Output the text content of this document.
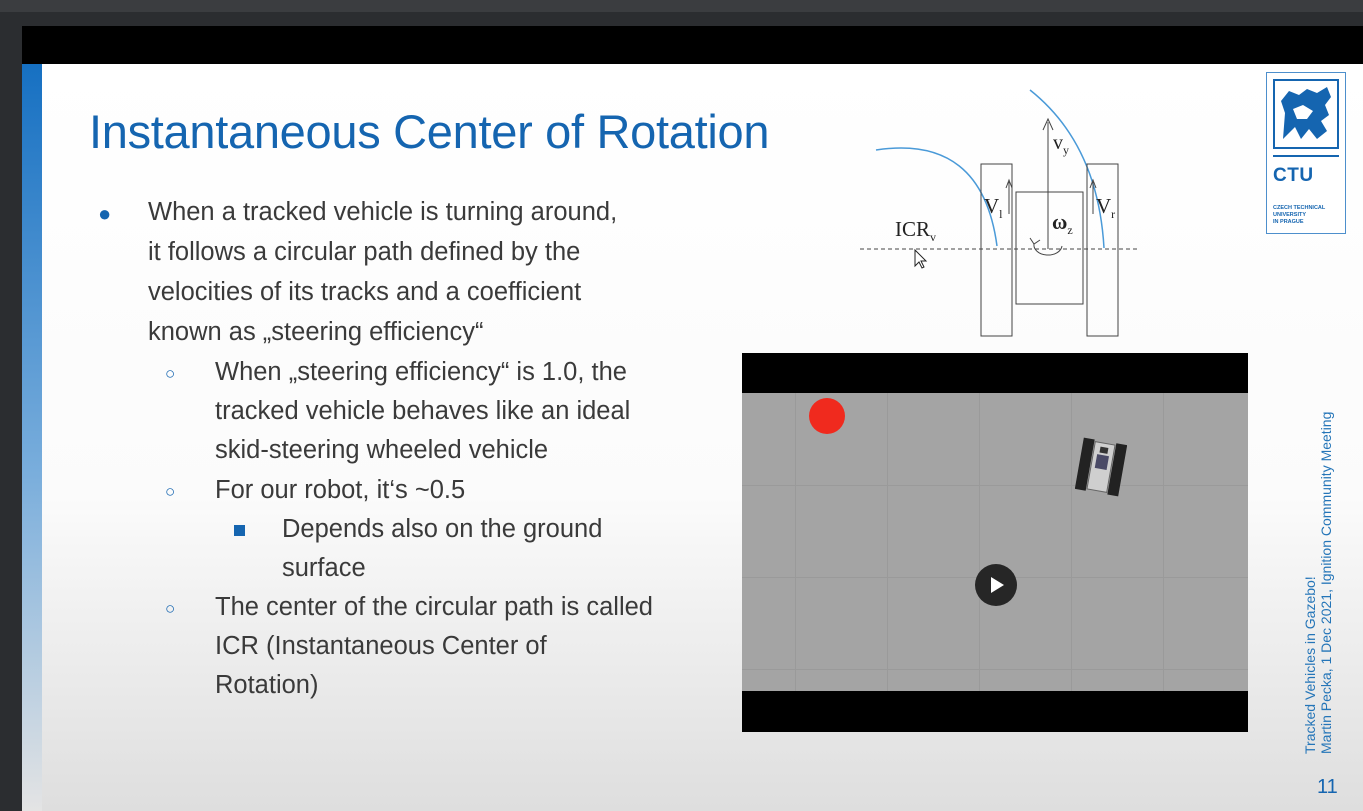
Instantaneous Center of Rotation
● When a tracked vehicle is turning around,
it follows a circular path defined by the
velocities of its tracks and a coefficient
known as „steering efficiency“
○ When „steering efficiency“ is 1.0, the
tracked vehicle behaves like an ideal
skid-steering wheeled vehicle
○ For our robot, it‘s ~0.5
Depends also on the ground
surface
○ The center of the circular path is called
ICR (Instantaneous Center of
Rotation)
$ICR_v$
$V_l$	$V_r$
$v_y$
$\omega_z$
CTU
CZECH TECHNICAL
UNIVERSITY
IN PRAGUE
Tracked Vehicles in Gazebo! Martin Pecka, 1 Dec 2021, Ignition Community Meeting
11
